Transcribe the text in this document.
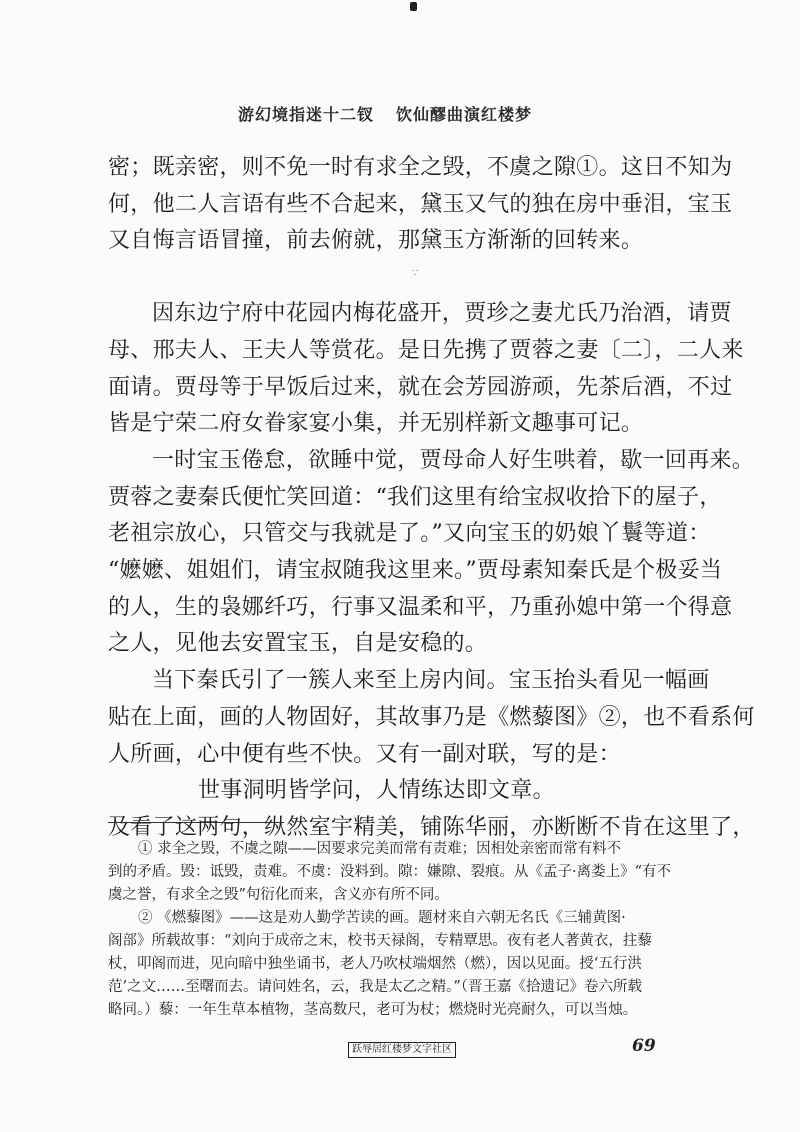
游幻境指迷十二钗 饮仙醪曲演红楼梦

密；既亲密，则不免一时有求全之毁，不虞之隙①。这日不知为

何，他二人言语有些不合起来，黛玉又气的独在房中垂泪，宝玉

又自悔言语冒撞，前去俯就，那黛玉方渐渐的回转来。

因东边宁府中花园内梅花盛开，贾珍之妻尤氏乃治酒，请贾

母、邢夫人、王夫人等赏花。是日先携了贾蓉之妻〔二〕，二人来

面请。贾母等于早饭后过来，就在会芳园游顽，先茶后酒，不过

皆是宁荣二府女眷家宴小集，并无别样新文趣事可记。

一时宝玉倦怠，欲睡中觉，贾母命人好生哄着，歇一回再来。

贾蓉之妻秦氏便忙笑回道：“我们这里有给宝叔收拾下的屋子，

老祖宗放心，只管交与我就是了。”又向宝玉的奶娘丫鬟等道：

“嬷嬷、姐姐们，请宝叔随我这里来。”贾母素知秦氏是个极妥当

的人，生的袅娜纤巧，行事又温柔和平，乃重孙媳中第一个得意

之人，见他去安置宝玉，自是安稳的。

当下秦氏引了一簇人来至上房内间。宝玉抬头看见一幅画

贴在上面，画的人物固好，其故事乃是《燃藜图》②，也不看系何

人所画，心中便有些不快。又有一副对联，写的是：

世事洞明皆学问，人情练达即文章。

及看了这两句，纵然室宇精美，铺陈华丽，亦断断不肯在这里了，

∵

① 求全之毁，不虞之隙——因要求完美而常有责难；因相处亲密而常有料不

到的矛盾。毁：诋毁，责难。不虞：没料到。隙：嫌隙、裂痕。从《孟子·离娄上》“有不

虞之誉，有求全之毁”句衍化而来，含义亦有所不同。

② 《燃藜图》——这是劝人勤学苦读的画。题材来自六朝无名氏《三辅黄图·

阁部》所载故事：“刘向于成帝之末，校书天禄阁，专精覃思。夜有老人著黄衣，拄藜

杖，叩阁而进，见向暗中独坐诵书，老人乃吹杖端烟然（燃），因以见面。授‘五行洪

范’之文……至曙而去。请问姓名，云，我是太乙之精。”（晋王嘉《拾遗记》卷六所载

略同。）藜：一年生草本植物，茎高数尺，老可为杖；燃烧时光亮耐久，可以当烛。

跃辱居红楼梦文字社区	69
